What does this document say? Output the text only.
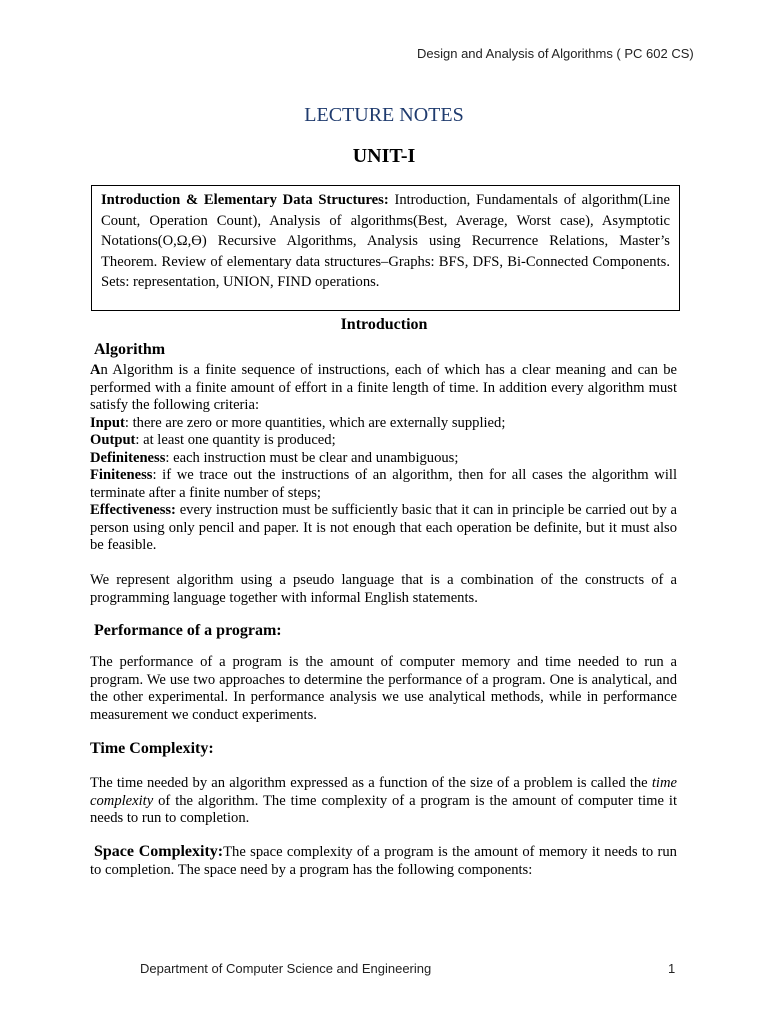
Design and Analysis of Algorithms ( PC 602 CS)
LECTURE NOTES
UNIT-I
Introduction & Elementary Data Structures: Introduction, Fundamentals of algorithm(Line Count, Operation Count), Analysis of algorithms(Best, Average, Worst case), Asymptotic Notations(O,Ω,ϴ) Recursive Algorithms, Analysis using Recurrence Relations, Master’s Theorem. Review of elementary data structures–Graphs: BFS, DFS, Bi-Connected Components. Sets: representation, UNION, FIND operations.
Introduction
Algorithm

An Algorithm is a finite sequence of instructions, each of which has a clear meaning and can be performed with a finite amount of effort in a finite length of time. In addition every algorithm must satisfy the following criteria:

Input: there are zero or more quantities, which are externally supplied;

Output: at least one quantity is produced;

Definiteness: each instruction must be clear and unambiguous;

Finiteness: if we trace out the instructions of an algorithm, then for all cases the algorithm will terminate after a finite number of steps;

Effectiveness: every instruction must be sufficiently basic that it can in principle be carried out by a person using only pencil and paper. It is not enough that each operation be definite, but it must also be feasible.

We represent algorithm using a pseudo language that is a combination of the constructs of a programming language together with informal English statements.
Performance of a program:
The performance of a program is the amount of computer memory and time needed to run a program. We use two approaches to determine the performance of a program. One is analytical, and the other experimental. In performance analysis we use analytical methods, while in performance measurement we conduct experiments.
Time Complexity:
The time needed by an algorithm expressed as a function of the size of a problem is called the time complexity of the algorithm. The time complexity of a program is the amount of computer time it needs to run to completion.
Space Complexity:The space complexity of a program is the amount of memory it needs to run to completion. The space need by a program has the following components:
Department of Computer Science and Engineering	1
